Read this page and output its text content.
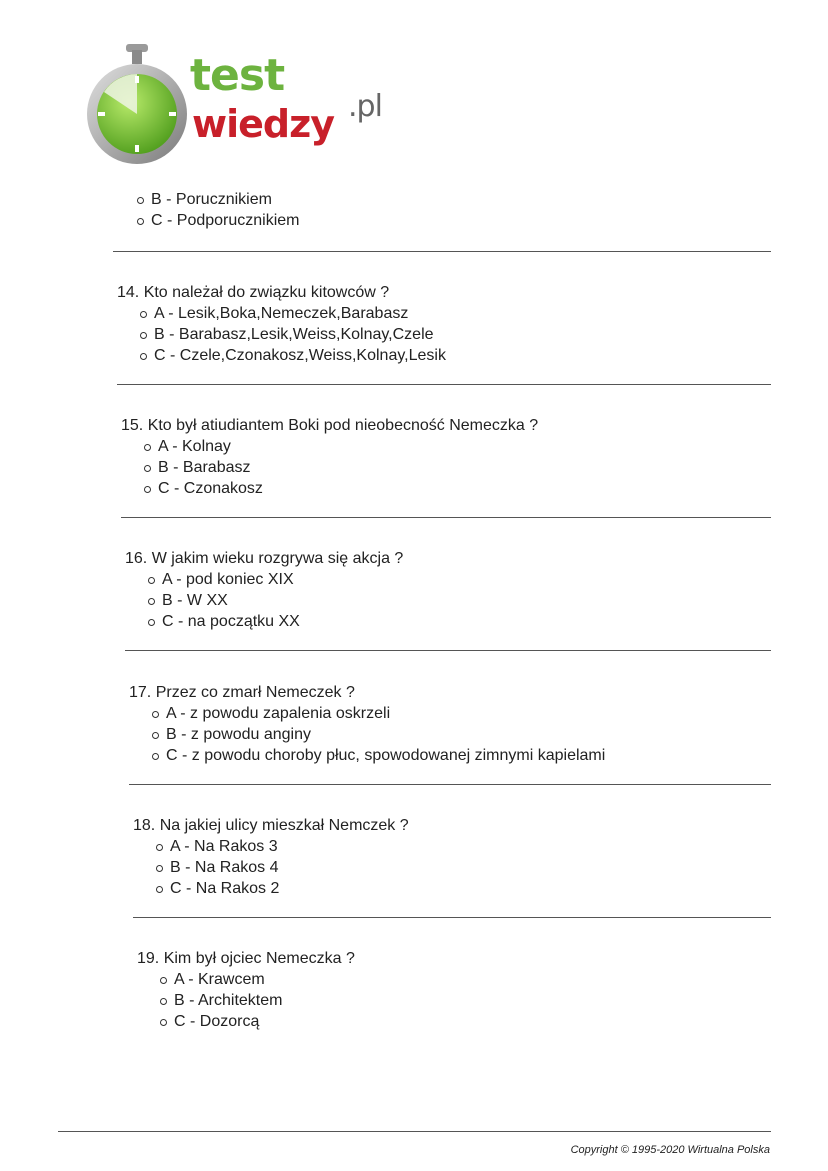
test
wiedzy .pl
B - Porucznikiem
C - Podporucznikiem

14. Kto należał do związku kitowców ?

A - Lesik,Boka,Nemeczek,Barabasz
B - Barabasz,Lesik,Weiss,Kolnay,Czele
C - Czele,Czonakosz,Weiss,Kolnay,Lesik

15. Kto był atiudiantem Boki pod nieobecność Nemeczka ?

A - Kolnay
B - Barabasz
C - Czonakosz

16. W jakim wieku rozgrywa się akcja ?

A - pod koniec XIX
B - W XX
C - na początku XX

17. Przez co zmarł Nemeczek ?

A - z powodu zapalenia oskrzeli
B - z powodu anginy
C - z powodu choroby płuc, spowodowanej zimnymi kapielami

18. Na jakiej ulicy mieszkał Nemczek ?

A - Na Rakos 3
B - Na Rakos 4
C - Na Rakos 2

19. Kim był ojciec Nemeczka ?

A - Krawcem
B - Architektem
C - Dozorcą
Copyright © 1995-2020 Wirtualna Polska
